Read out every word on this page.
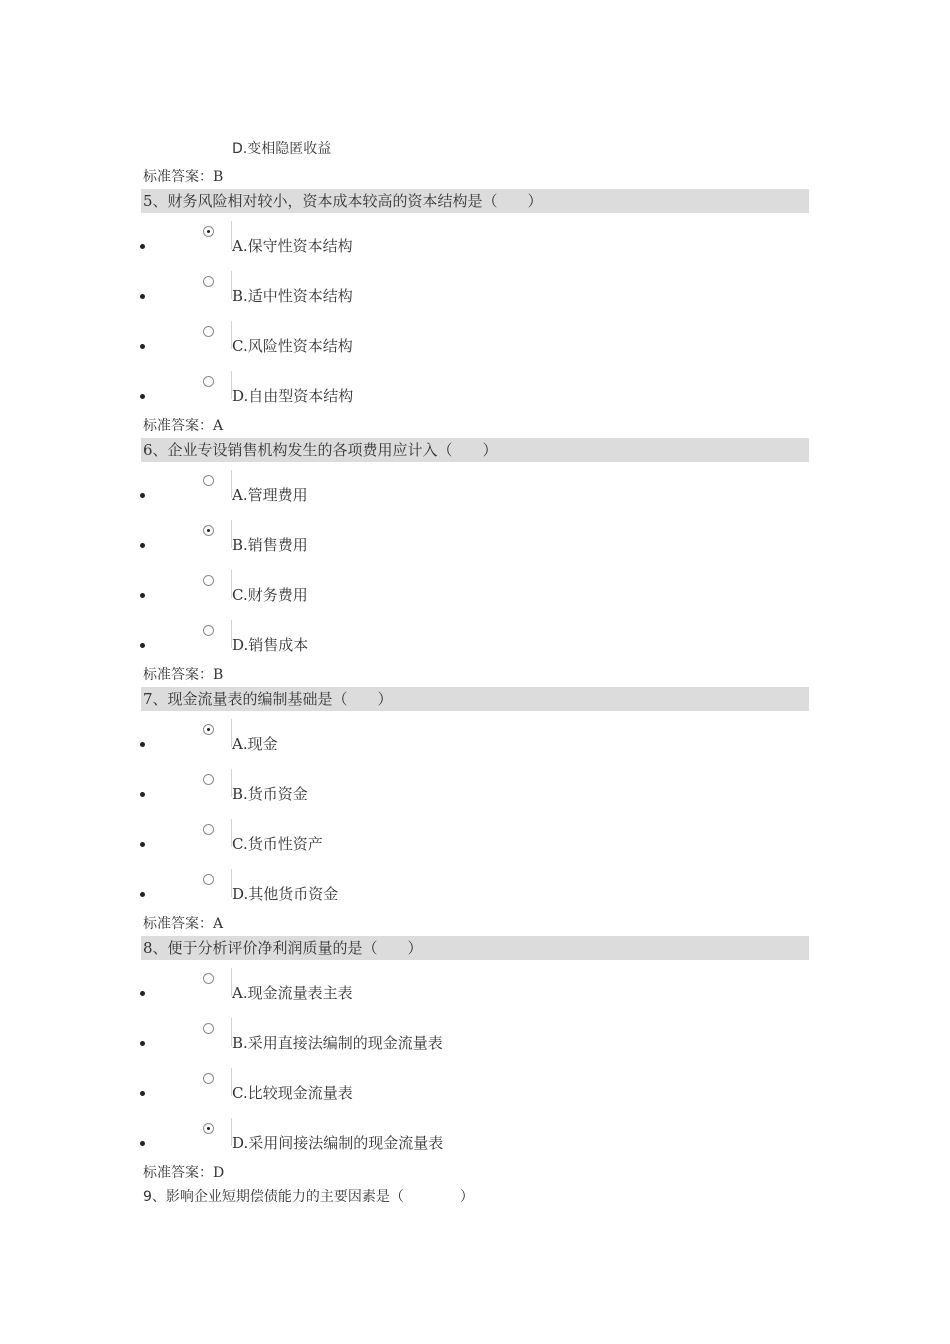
D.变相隐匿收益
标准答案：B
5、财务风险相对较小，资本成本较高的资本结构是（　　）
A.保守性资本结构
B.适中性资本结构
C.风险性资本结构
D.自由型资本结构
标准答案：A
6、企业专设销售机构发生的各项费用应计入（　　）
A.管理费用
B.销售费用
C.财务费用
D.销售成本
标准答案：B
7、现金流量表的编制基础是（　　）
A.现金
B.货币资金
C.货币性资产
D.其他货币资金
标准答案：A
8、便于分析评价净利润质量的是（　　）
A.现金流量表主表
B.采用直接法编制的现金流量表
C.比较现金流量表
D.采用间接法编制的现金流量表
标准答案：D
9、影响企业短期偿债能力的主要因素是（　　　　）
